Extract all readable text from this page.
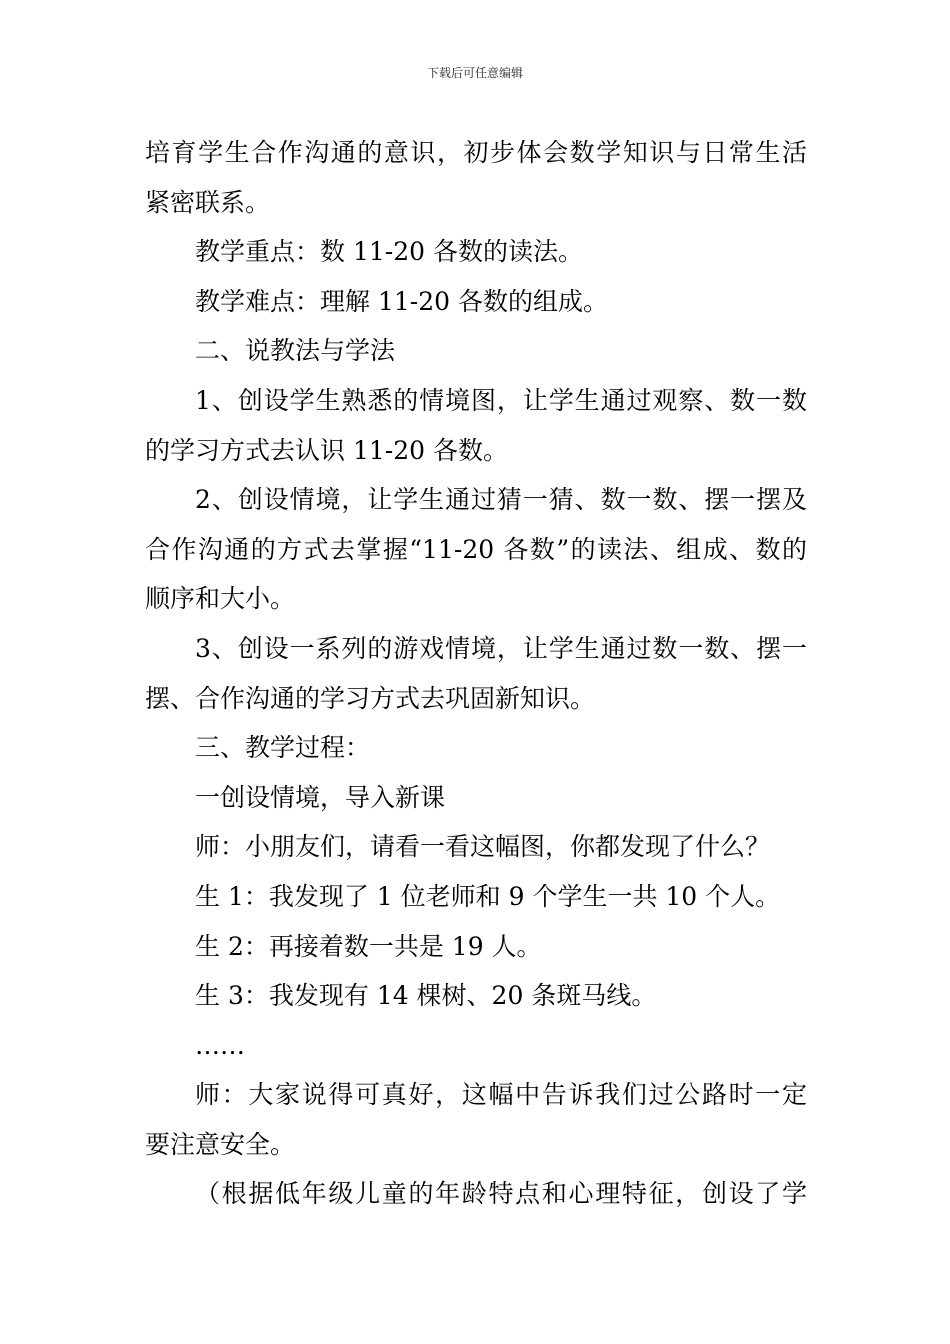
下载后可任意编辑
培育学生合作沟通的意识，初步体会数学知识与日常生活
紧密联系。
教学重点：数 11-20 各数的读法。
教学难点：理解 11-20 各数的组成。
二、说教法与学法
1、创设学生熟悉的情境图，让学生通过观察、数一数
的学习方式去认识 11-20 各数。
2、创设情境，让学生通过猜一猜、数一数、摆一摆及
合作沟通的方式去掌握“11-20 各数”的读法、组成、数的
顺序和大小。
3、创设一系列的游戏情境，让学生通过数一数、摆一
摆、合作沟通的学习方式去巩固新知识。
三、教学过程：
一创设情境，导入新课
师：小朋友们，请看一看这幅图，你都发现了什么？
生 1：我发现了 1 位老师和 9 个学生一共 10 个人。
生 2：再接着数一共是 19 人。
生 3：我发现有 14 棵树、20 条斑马线。
……
师：大家说得可真好，这幅中告诉我们过公路时一定
要注意安全。
（根据低年级儿童的年龄特点和心理特征，创设了学
